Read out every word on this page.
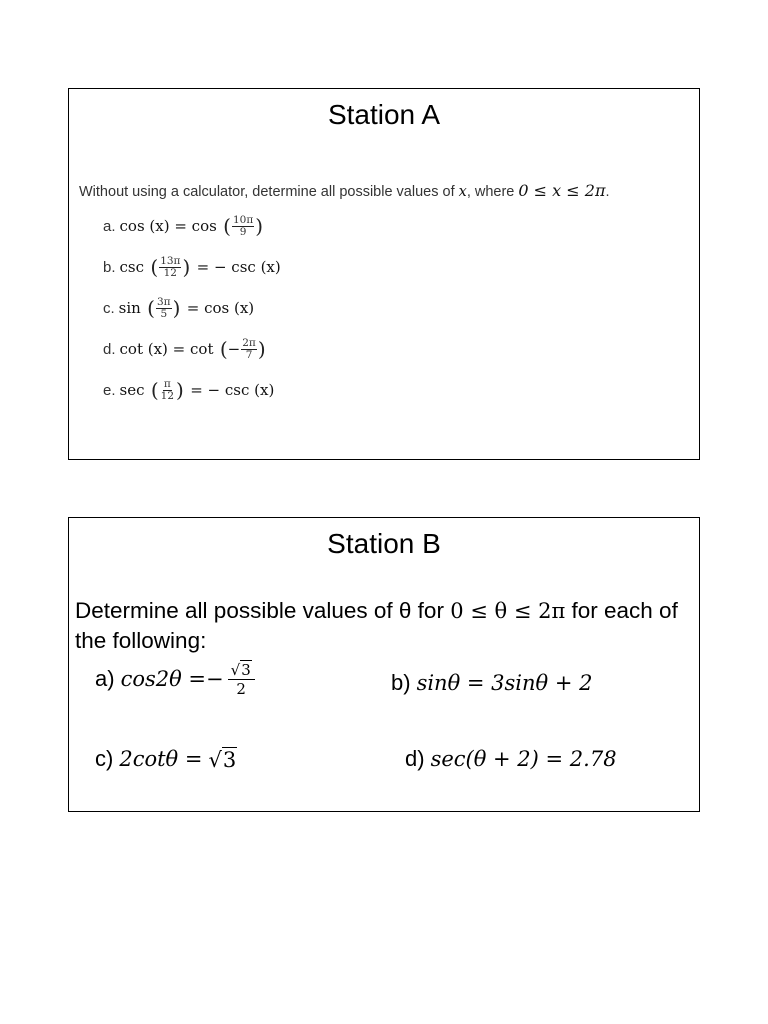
Station A
Without using a calculator, determine all possible values of x, where 0 ≤ x ≤ 2π.
a. cos (x) = cos ( $\frac{10\pi}{9}$ )
b. csc ( $\frac{13\pi}{12}$ ) = − csc (x)
c. sin ( $\frac{3\pi}{5}$ ) = cos (x)
d. cot (x) = cot ( − $\frac{2\pi}{7}$ )
e. sec ( $\frac{\pi}{12}$ ) = − csc (x)
Station B
Determine all possible values of θ for 0 ≤ θ ≤ 2π for each of the following:
a) $\cos 2\theta =- \frac{√ 3}{2}$	b) sinθ = 3sinθ + 2
c) 2cotθ = √ 3	d) sec(θ + 2) = 2.78
